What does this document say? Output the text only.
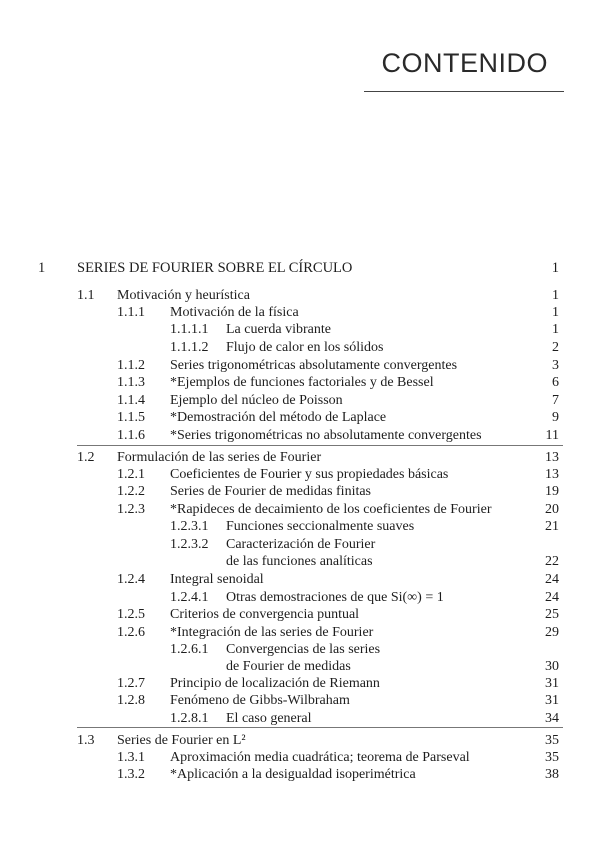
CONTENIDO
1 SERIES DE FOURIER SOBRE EL CÍRCULO	1
1.1 Motivación y heurística	1
1.1.1 Motivación de la física	1
1.1.1.1 La cuerda vibrante	1
1.1.1.2 Flujo de calor en los sólidos	2
1.1.2 Series trigonométricas absolutamente convergentes	3
1.1.3 *Ejemplos de funciones factoriales y de Bessel	6
1.1.4 Ejemplo del núcleo de Poisson	7
1.1.5 *Demostración del método de Laplace	9
1.1.6 *Series trigonométricas no absolutamente convergentes	11
1.2 Formulación de las series de Fourier	13
1.2.1 Coeficientes de Fourier y sus propiedades básicas	13
1.2.2 Series de Fourier de medidas finitas	19
1.2.3 *Rapideces de decaimiento de los coeficientes de Fourier	20
1.2.3.1 Funciones seccionalmente suaves	21
1.2.3.2 Caracterización de Fourier
de las funciones analíticas	22
1.2.4 Integral senoidal	24
1.2.4.1 Otras demostraciones de que Si(∞) = 1	24
1.2.5 Criterios de convergencia puntual	25
1.2.6 *Integración de las series de Fourier	29
1.2.6.1 Convergencias de las series
de Fourier de medidas	30
1.2.7 Principio de localización de Riemann	31
1.2.8 Fenómeno de Gibbs-Wilbraham	31
1.2.8.1 El caso general	34
1.3 Series de Fourier en L²	35
1.3.1 Aproximación media cuadrática; teorema de Parseval	35
1.3.2 *Aplicación a la desigualdad isoperimétrica	38
